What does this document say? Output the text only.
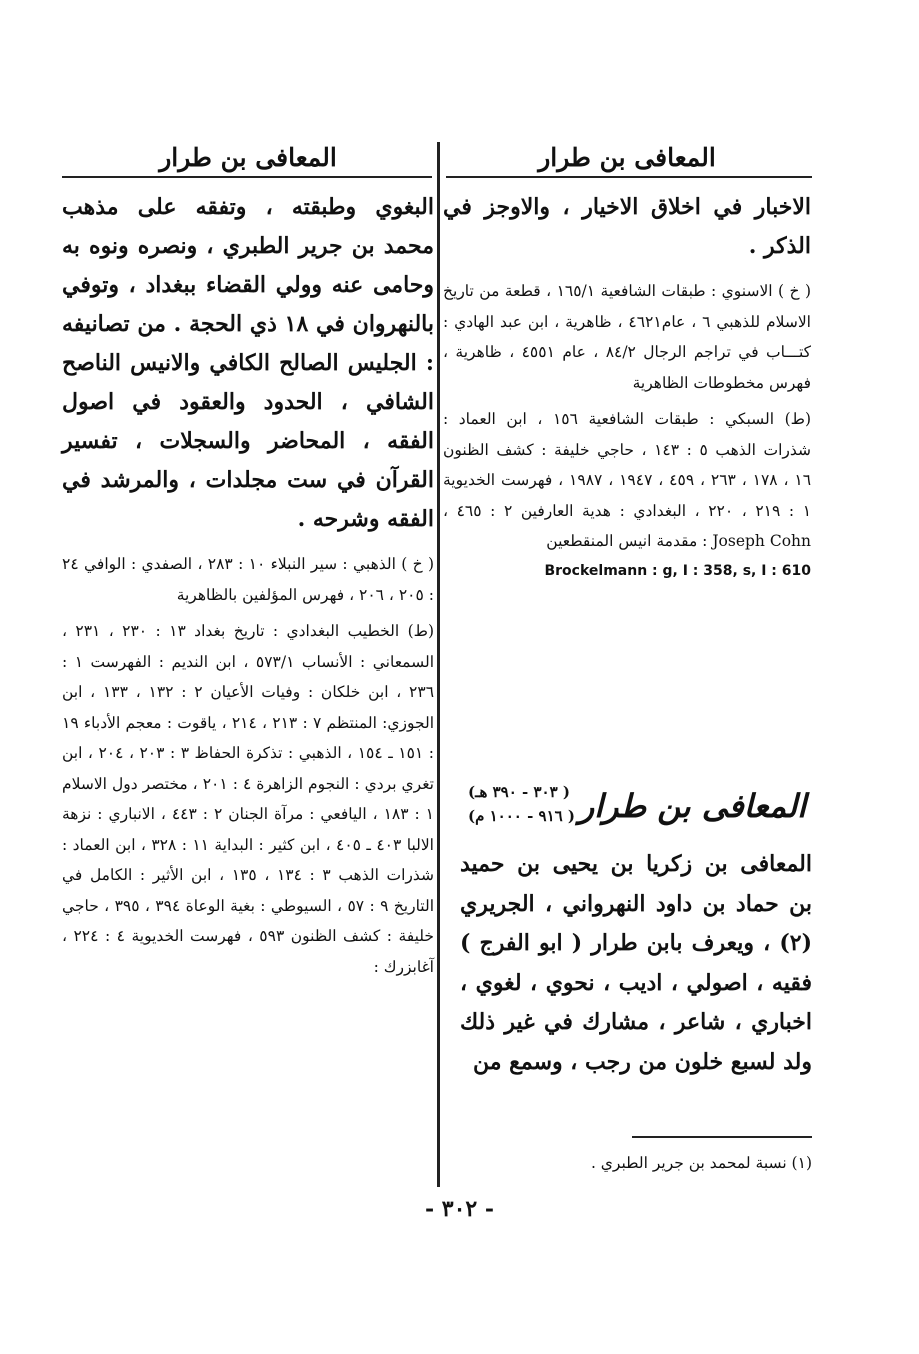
المعافى بن طرار
المعافى بن طرار

الاخبار في اخلاق الاخيار ، والاوجز في الذكر .

( خ ) الاسنوي : طبقات الشافعية ١٦٥/١ ، قطعة من تاريخ الاسلام للذهبي ٦ ، عام٤٦٢١ ، ظاهرية ، ابن عبد الهادي : كتـــاب في تراجم الرجال ٨٤/٢ ، عام ٤٥٥١ ، ظاهرية ، فهرس مخطوطات الظاهرية

(ط) السبكي : طبقات الشافعية ١٥٦ ، ابن العماد : شذرات الذهب ٥ : ١٤٣ ، حاجي خليفة : كشف الظنون ١٦ ، ١٧٨ ، ٢٦٣ ، ٤٥٩ ، ١٩٤٧ ، ١٩٨٧ ، فهرست الخديوية ١ : ٢١٩ ، ٢٢٠ ، البغدادي : هدية العارفين ٢ : ٤٦٥ ، Joseph Cohn : مقدمة انيس المنقطعين

Brockelmann : g, I : 358, s, I : 610

المعافى بن طرار
( ٣٠٣ - ٣٩٠ هـ)
( ٩١٦ - ١٠٠٠ م)

المعافى بن زكريا بن يحيى بن حميد بن حماد بن داود النهرواني ، الجريري (٢) ، ويعرف بابن طرار ( ابو الفرج ) فقيه ، اصولي ، اديب ، نحوي ، لغوي ، اخباري ، شاعر ، مشارك في غير ذلك ولد لسبع خلون من رجب ، وسمع من

(١) نسبة لمحمد بن جرير الطبري .

البغوي وطبقته ، وتفقه على مذهب محمد بن جرير الطبري ، ونصره ونوه به وحامى عنه وولي القضاء ببغداد ، وتوفي بالنهروان في ١٨ ذي الحجة . من تصانيفه : الجليس الصالح الكافي والانيس الناصح الشافي ، الحدود والعقود في اصول الفقه ، المحاضر والسجلات ، تفسير القرآن في ست مجلدات ، والمرشد في الفقه وشرحه .

( خ ) الذهبي : سير النبلاء ١٠ : ٢٨٣ ، الصفدي : الوافي ٢٤ : ٢٠٥ ، ٢٠٦ ، فهرس المؤلفين بالظاهرية

(ط) الخطيب البغدادي : تاريخ بغداد ١٣ : ٢٣٠ ، ٢٣١ ، السمعاني : الأنساب ٥٧٣/١ ، ابن النديم : الفهرست ١ : ٢٣٦ ، ابن خلكان : وفيات الأعيان ٢ : ١٣٢ ، ١٣٣ ، ابن الجوزي: المنتظم ٧ : ٢١٣ ، ٢١٤ ، ياقوت : معجم الأدباء ١٩ : ١٥١ ـ ١٥٤ ، الذهبي : تذكرة الحفاظ ٣ : ٢٠٣ ، ٢٠٤ ، ابن تغري بردي : النجوم الزاهرة ٤ : ٢٠١ ، مختصر دول الاسلام ١ : ١٨٣ ، اليافعي : مرآة الجنان ٢ : ٤٤٣ ، الانباري : نزهة الالبا ٤٠٣ ـ ٤٠٥ ، ابن كثير : البداية ١١ : ٣٢٨ ، ابن العماد : شذرات الذهب ٣ : ١٣٤ ، ١٣٥ ، ابن الأثير : الكامل في التاريخ ٩ : ٥٧ ، السيوطي : بغية الوعاة ٣٩٤ ، ٣٩٥ ، حاجي خليفة : كشف الظنون ٥٩٣ ، فهرست الخديوية ٤ : ٢٢٤ ، آغابزرك :

- ٣٠٢ -
